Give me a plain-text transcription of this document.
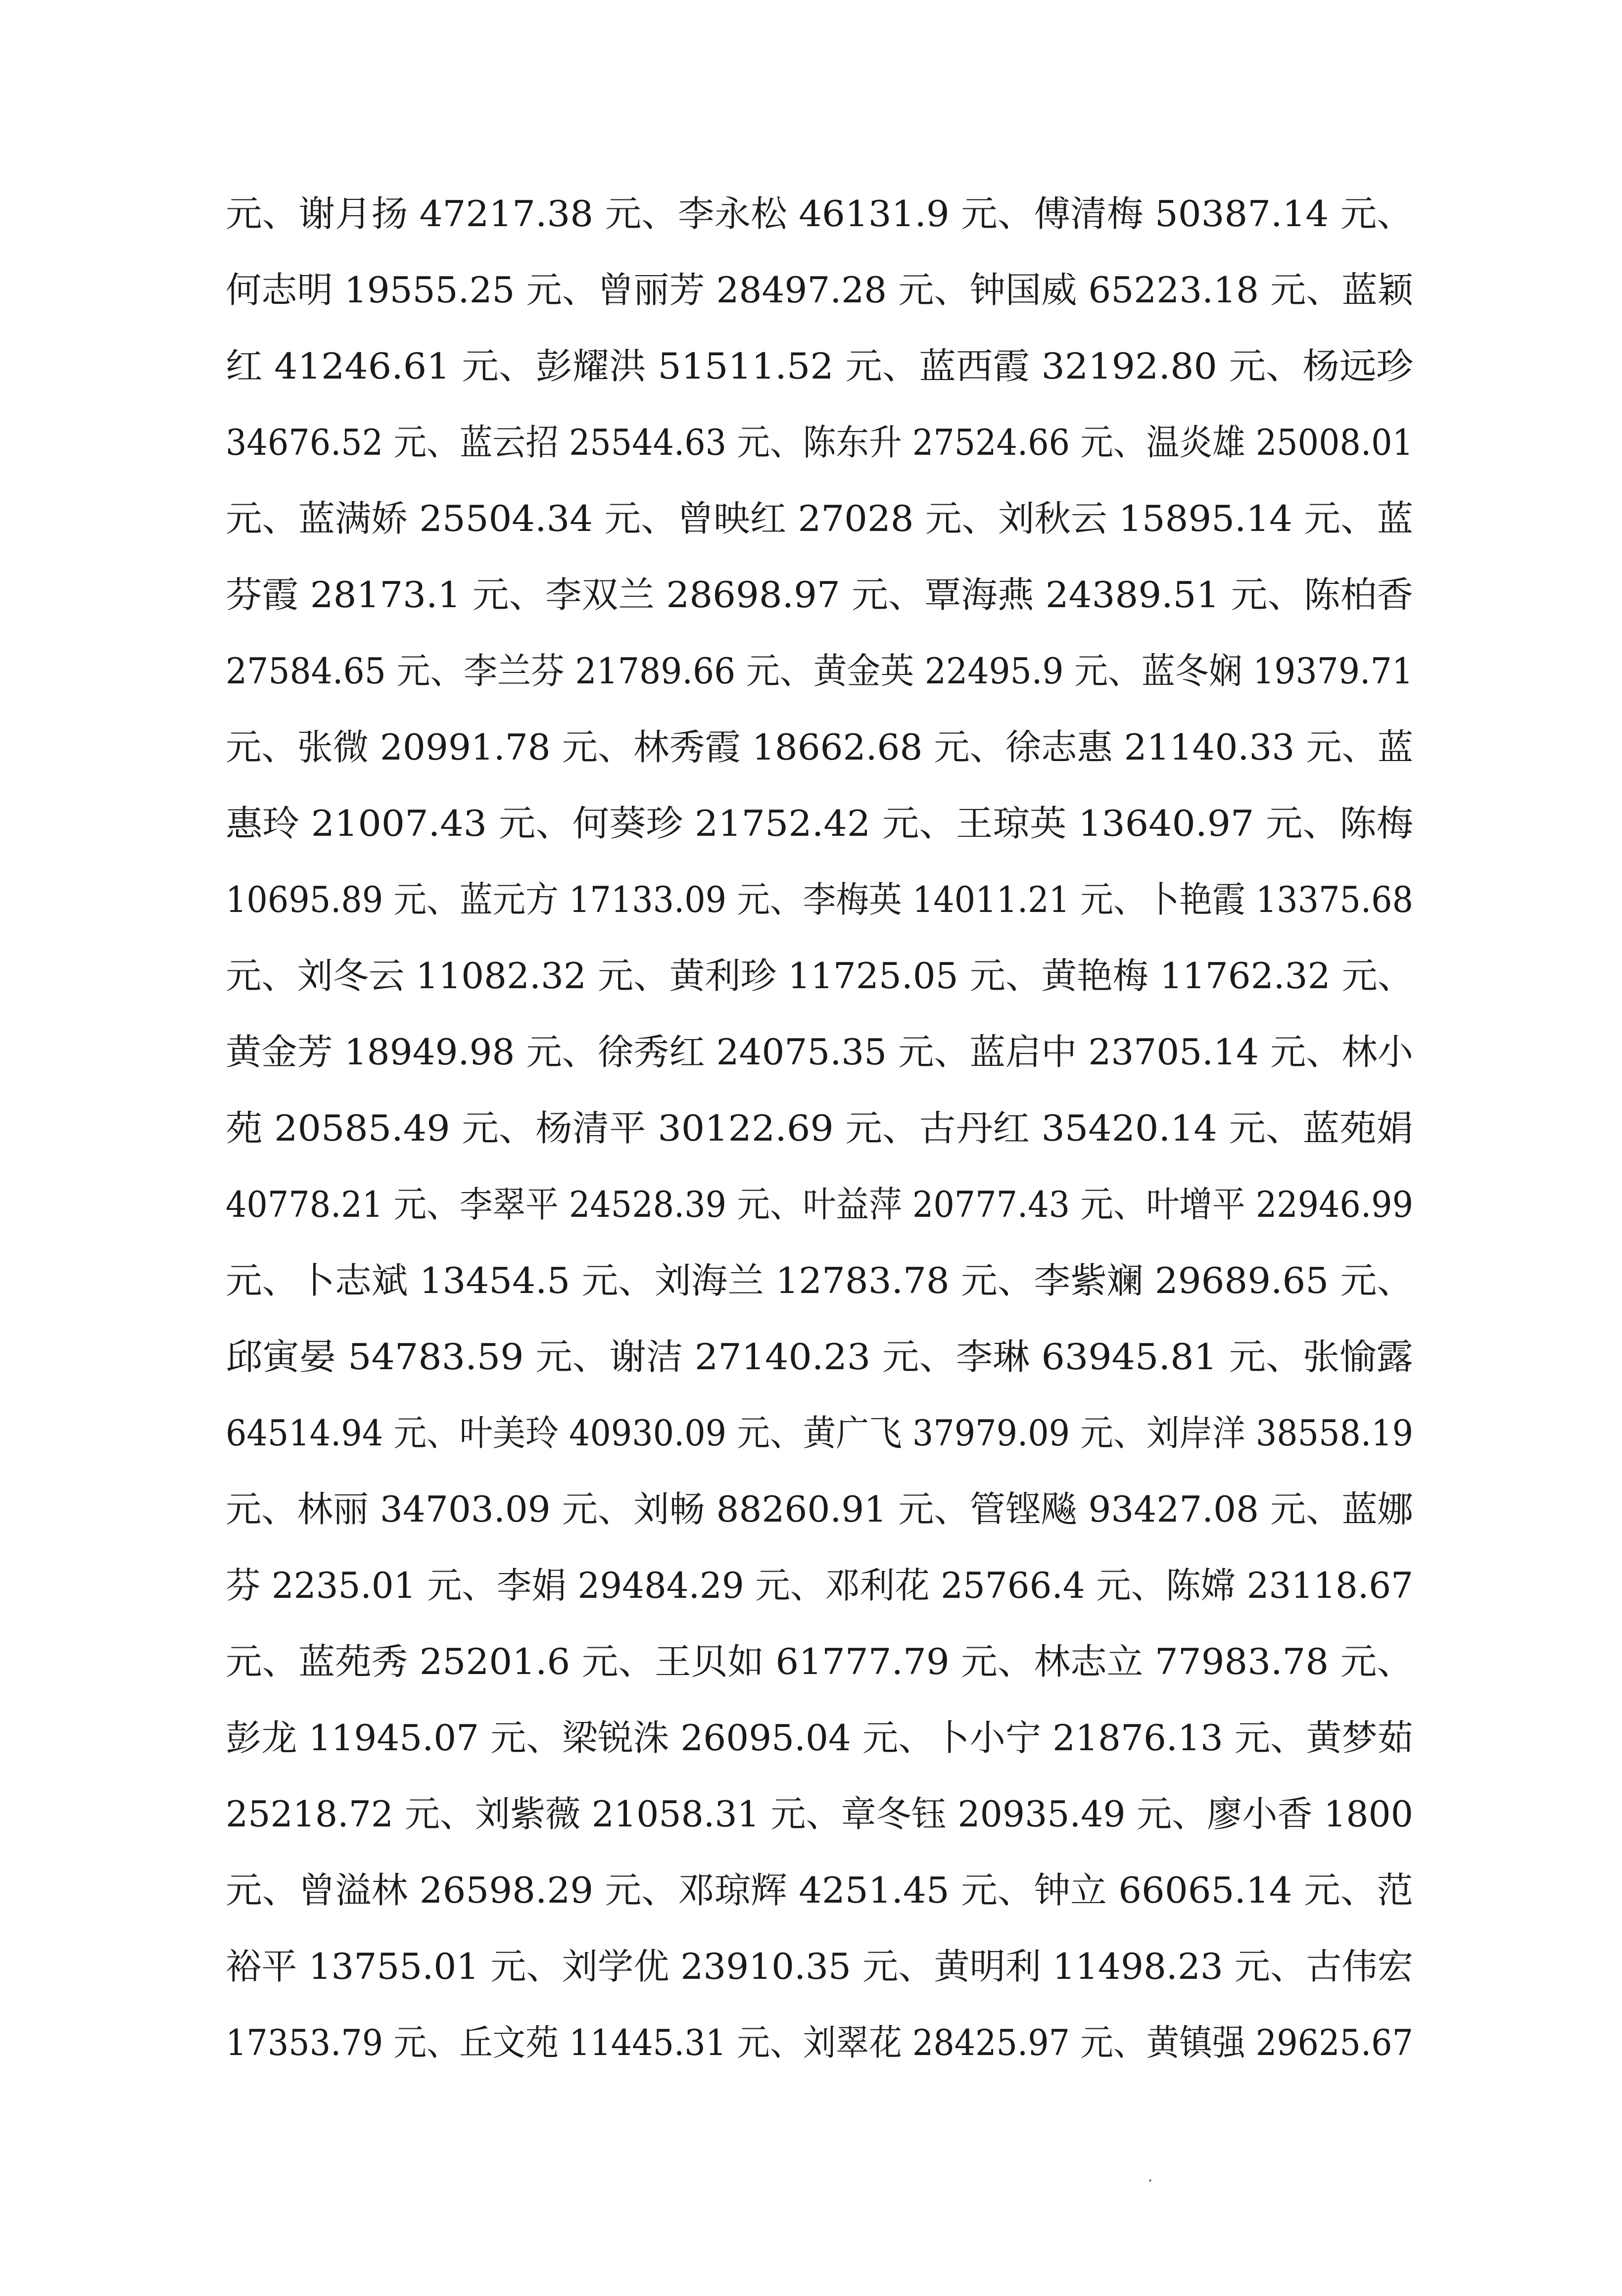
元、谢月扬 47217.38 元、李永松 46131.9 元、傅清梅 50387.14 元、
何志明 19555.25 元、曾丽芳 28497.28 元、钟国威 65223.18 元、蓝颖
红 41246.61 元、彭耀洪 51511.52 元、蓝西霞 32192.80 元、杨远珍
34676.52 元、蓝云招 25544.63 元、陈东升 27524.66 元、温炎雄 25008.01
元、蓝满娇 25504.34 元、曾映红 27028 元、刘秋云 15895.14 元、蓝
芬霞 28173.1 元、李双兰 28698.97 元、覃海燕 24389.51 元、陈柏香
27584.65 元、李兰芬 21789.66 元、黄金英 22495.9 元、蓝冬娴 19379.71
元、张微 20991.78 元、林秀霞 18662.68 元、徐志惠 21140.33 元、蓝
惠玲 21007.43 元、何葵珍 21752.42 元、王琼英 13640.97 元、陈梅
10695.89 元、蓝元方 17133.09 元、李梅英 14011.21 元、卜艳霞 13375.68
元、刘冬云 11082.32 元、黄利珍 11725.05 元、黄艳梅 11762.32 元、
黄金芳 18949.98 元、徐秀红 24075.35 元、蓝启中 23705.14 元、林小
苑 20585.49 元、杨清平 30122.69 元、古丹红 35420.14 元、蓝苑娟
40778.21 元、李翠平 24528.39 元、叶益萍 20777.43 元、叶增平 22946.99
元、卜志斌 13454.5 元、刘海兰 12783.78 元、李紫斓 29689.65 元、
邱寅晏 54783.59 元、谢洁 27140.23 元、李琳 63945.81 元、张愉露
64514.94 元、叶美玲 40930.09 元、黄广飞 37979.09 元、刘岸洋 38558.19
元、林丽 34703.09 元、刘畅 88260.91 元、管铿飚 93427.08 元、蓝娜
芬 2235.01 元、李娟 29484.29 元、邓利花 25766.4 元、陈嫦 23118.67
元、蓝苑秀 25201.6 元、王贝如 61777.79 元、林志立 77983.78 元、
彭龙 11945.07 元、梁锐洙 26095.04 元、卜小宁 21876.13 元、黄梦茹
25218.72 元、刘紫薇 21058.31 元、章冬钰 20935.49 元、廖小香 1800
元、曾溢林 26598.29 元、邓琼辉 4251.45 元、钟立 66065.14 元、范
裕平 13755.01 元、刘学优 23910.35 元、黄明利 11498.23 元、古伟宏
17353.79 元、丘文苑 11445.31 元、刘翠花 28425.97 元、黄镇强 29625.67
